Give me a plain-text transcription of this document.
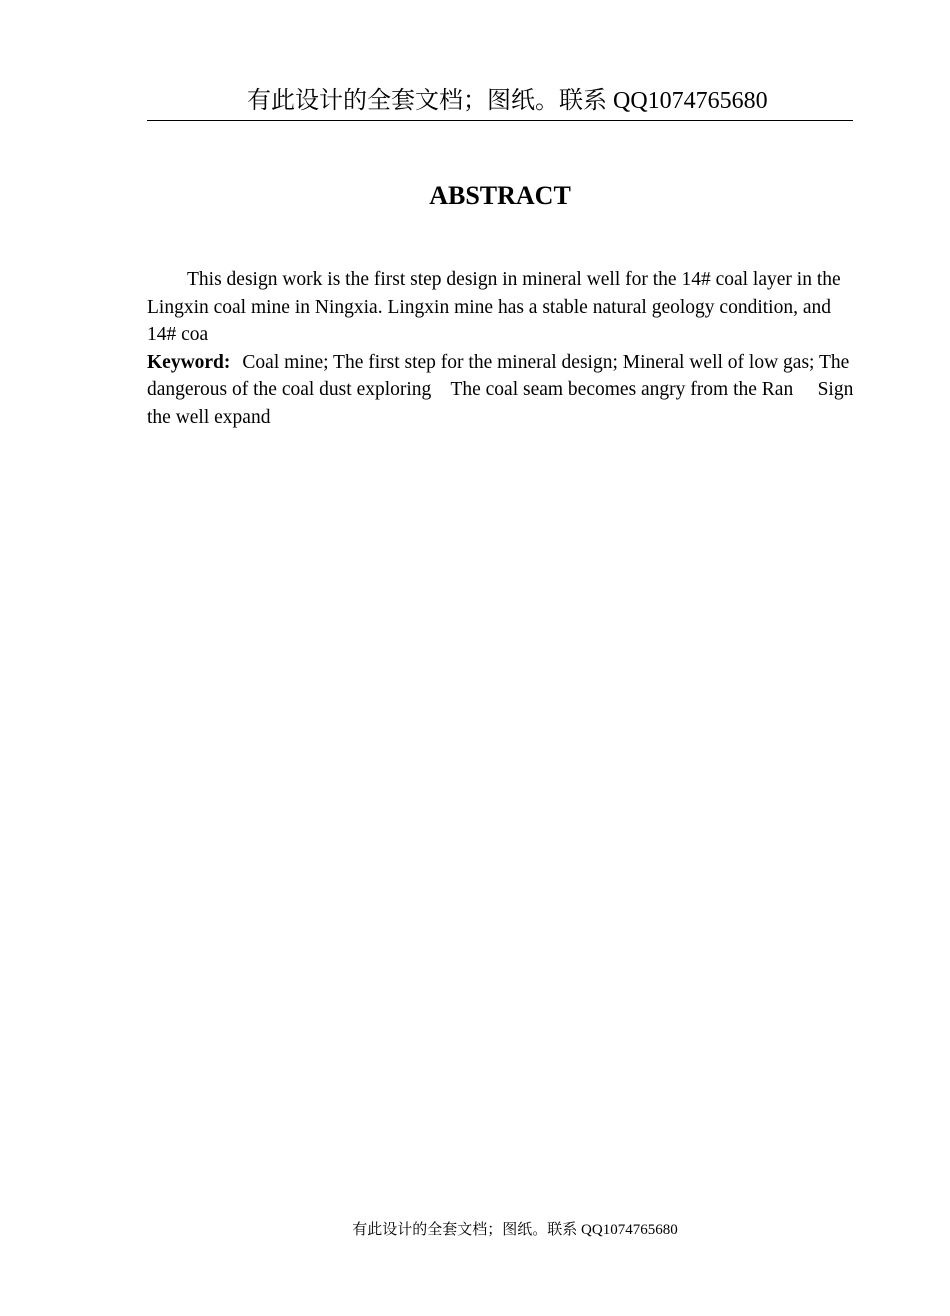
有此设计的全套文档；图纸。联系 QQ1074765680
ABSTRACT

This design work is the first step design in mineral well for the 14# coal layer in the Lingxin coal mine in Ningxia. Lingxin mine has a stable natural geology condition, and 14# coa

Keyword: Coal mine; The first step for the mineral design; Mineral well of low gas; The dangerous of the coal dust exploring    The coal seam becomes angry from the Ran     Sign the well expand

有此设计的全套文档；图纸。联系 QQ1074765680
